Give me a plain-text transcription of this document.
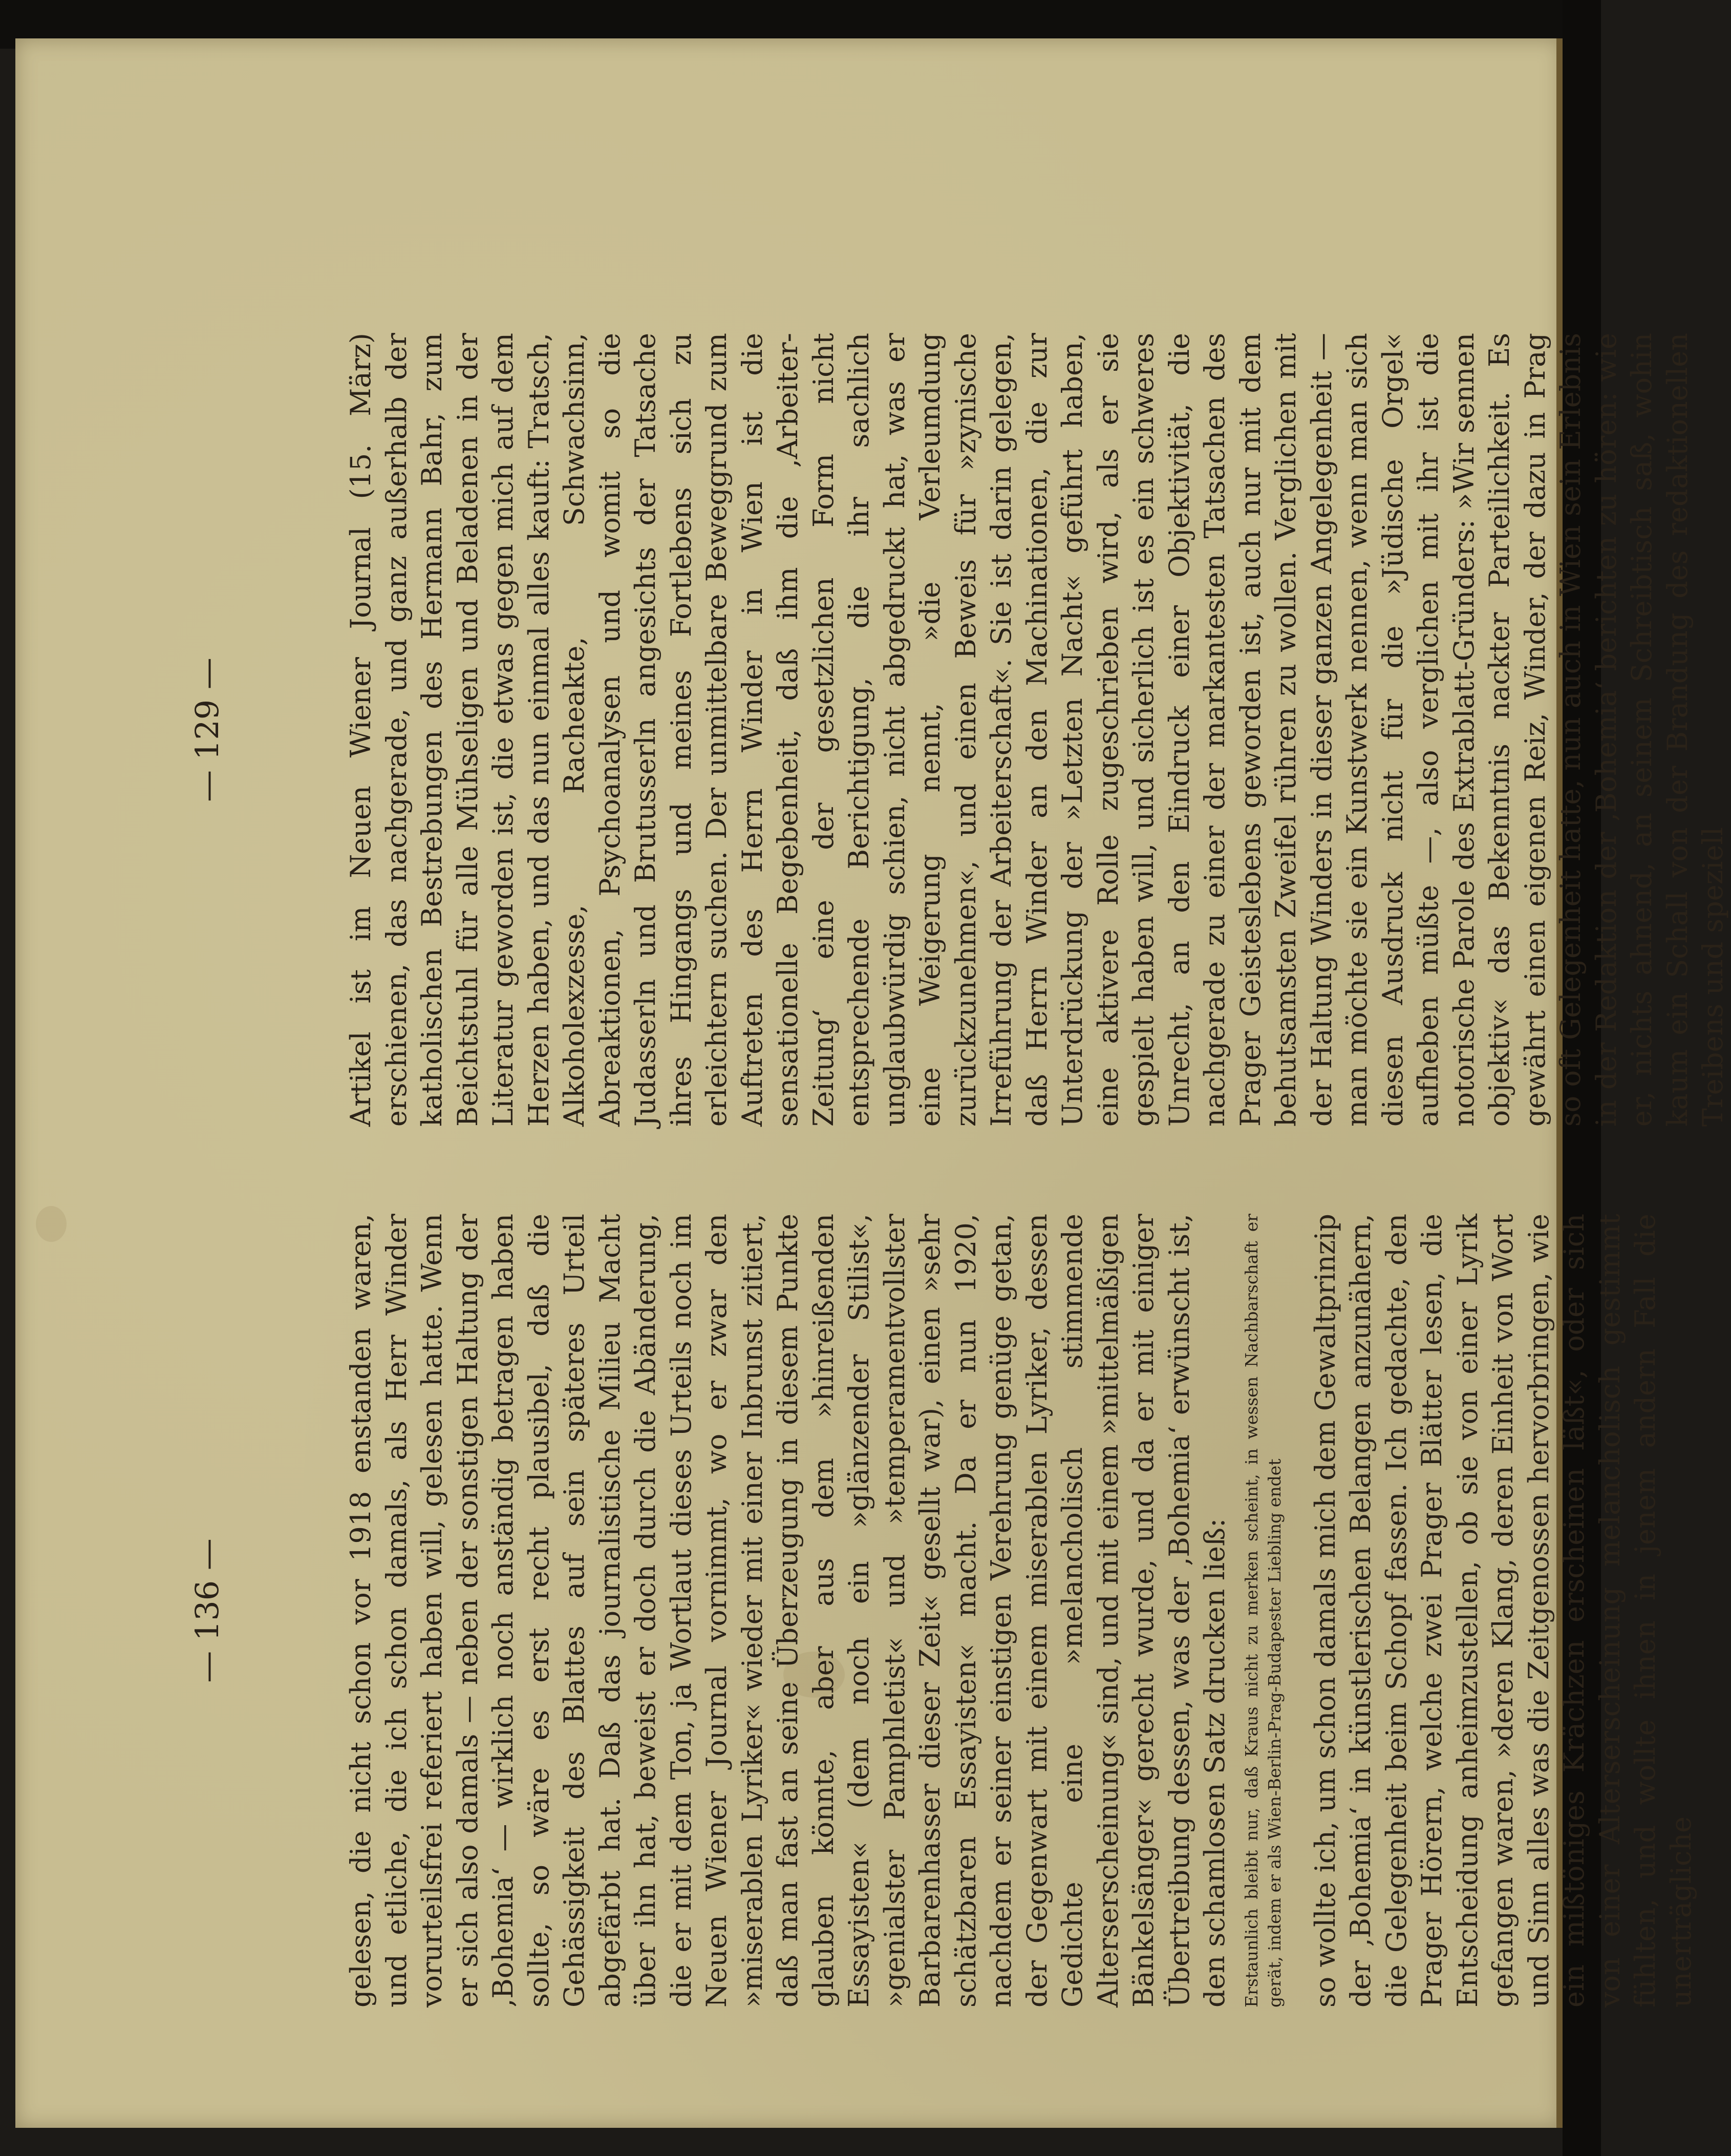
— 136 —	gelesen, die nicht schon vor 1918 enstanden waren, und etliche, die ich schon damals, als Herr Winder vorurteilsfrei referiert haben will, gelesen hatte. Wenn er sich also damals — neben der sonstigen Haltung der ‚Bohemia‘ — wirklich noch anständig betragen haben sollte, so wäre es erst recht plausibel, daß die Gehässigkeit des Blattes auf sein späteres Urteil abgefärbt hat. Daß das journalistische Milieu Macht über ihn hat, beweist er doch durch die Abänderung, die er mit dem Ton, ja Wortlaut dieses Urteils noch im Neuen Wiener Journal vornimmt, wo er zwar den »miserablen Lyriker« wieder mit einer Inbrunst zitiert, daß man fast an seine Überzeugung in diesem Punkte glauben könnte, aber aus dem »hinreißenden Essayisten« (dem noch ein »glänzender Stilist«, »genialster Pamphletist« und »temperamentvollster Barbarenhasser dieser Zeit« gesellt war), einen »sehr schätzbaren Essayisten« macht. Da er nun 1920, nachdem er seiner einstigen Verehrung genüge getan, der Gegenwart mit einem miserablen Lyriker, dessen Gedichte eine »melancholisch stimmende Alterserscheinung« sind, und mit einem »mittelmäßigen Bänkelsänger« gerecht wurde, und da er mit einiger Übertreibung dessen, was der ‚Bohemia‘ erwünscht ist, den schamlosen Satz drucken ließ: Erstaunlich bleibt nur, daß Kraus nicht zu merken scheint, in wessen Nachbarschaft er gerät, indem er als Wien-Berlin-Prag-Budapester Liebling endet so wollte ich, um schon damals mich dem Gewaltprinzip der ‚Bohemia‘ in künstlerischen Belangen anzunähern, die Gelegenheit beim Schopf fassen. Ich gedachte, den Prager Hörern, welche zwei Prager Blätter lesen, die Entscheidung anheimzustellen, ob sie von einer Lyrik gefangen waren, »deren Klang, deren Einheit von Wort und Sinn alles was die Zeitgenossen hervorbringen, wie ein mißtöniges Krächzen erscheinen läßt«, oder sich von einer Alterserscheinung melancholisch gestimmt fühlten, und wollte ihnen in jenem andern Fall die unerträgliche

— 129 —	Artikel ist im Neuen Wiener Journal (15. März) erschienen, das nachgerade, und ganz außerhalb der katholischen Bestrebungen des Hermann Bahr, zum Beichtstuhl für alle Mühseligen und Beladenen in der Literatur geworden ist, die etwas gegen mich auf dem Herzen haben, und das nun einmal alles kauft: Tratsch, Alkoholexzesse, Racheakte, Schwachsinn, Abreaktionen, Psychoanalysen und womit so die Judasserln und Brutusserln angesichts der Tatsache ihres Hingangs und meines Fortlebens sich zu erleichtern suchen. Der unmittelbare Beweggrund zum Auftreten des Herrn Winder in Wien ist die sensationelle Begebenheit, daß ihm die ‚Arbeiter-Zeitung‘ eine der gesetzlichen Form nicht entsprechende Berichtigung, die ihr sachlich unglaubwürdig schien, nicht abgedruckt hat, was er eine Weigerung nennt, »die Verleumdung zurückzunehmen«, und einen Beweis für »zynische Irreführung der Arbeiterschaft«. Sie ist darin gelegen, daß Herrn Winder an den Machinationen, die zur Unterdrückung der »Letzten Nacht« geführt haben, eine aktivere Rolle zugeschrieben wird, als er sie gespielt haben will, und sicherlich ist es ein schweres Unrecht, an den Eindruck einer Objektivität, die nachgerade zu einer der markantesten Tatsachen des Prager Geisteslebens geworden ist, auch nur mit dem behutsamsten Zweifel rühren zu wollen. Verglichen mit der Haltung Winders in dieser ganzen Angelegenheit — man möchte sie ein Kunstwerk nennen, wenn man sich diesen Ausdruck nicht für die »Jüdische Orgel« aufheben müßte —, also verglichen mit ihr ist die notorische Parole des Extrablatt-Gründers: »Wir sennen objektiv« das Bekenntnis nackter Parteilichkeit. Es gewährt einen eigenen Reiz, Winder, der dazu in Prag so oft Gelegenheit hatte, nun auch in Wien sein Erlebnis in der Redaktion der ‚Bohemia‘ berichten zu hören: wie er, nichts ahnend, an seinem Schreibtisch saß, wohin kaum ein Schall von der Brandung des redaktionellen Treibens und speziell
